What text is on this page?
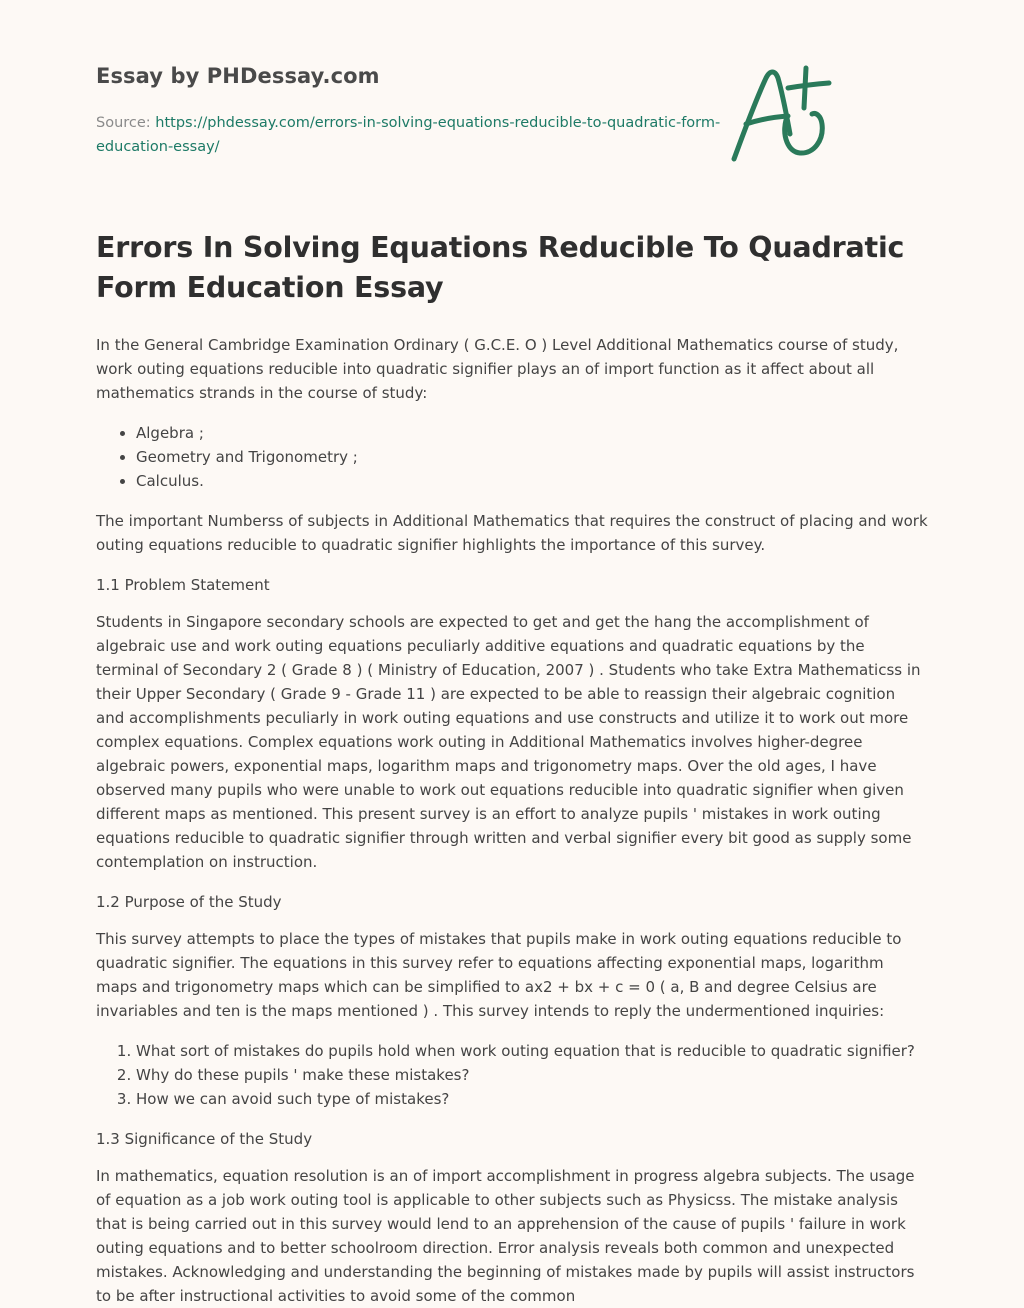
Essay by PHDessay.com
Source: https://phdessay.com/errors-in-solving-equations-reducible-to-quadratic-form-education-essay/
Errors In Solving Equations Reducible To Quadratic Form Education Essay

In the General Cambridge Examination Ordinary ( G.C.E. O ) Level Additional Mathematics course of study, work outing equations reducible into quadratic signifier plays an of import function as it affect about all mathematics strands in the course of study:

• Algebra ;
• Geometry and Trigonometry ;
• Calculus.

The important Numberss of subjects in Additional Mathematics that requires the construct of placing and work outing equations reducible to quadratic signifier highlights the importance of this survey.

1.1 Problem Statement

Students in Singapore secondary schools are expected to get and get the hang the accomplishment of algebraic use and work outing equations peculiarly additive equations and quadratic equations by the terminal of Secondary 2 ( Grade 8 ) ( Ministry of Education, 2007 ) . Students who take Extra Mathematicss in their Upper Secondary ( Grade 9 - Grade 11 ) are expected to be able to reassign their algebraic cognition and accomplishments peculiarly in work outing equations and use constructs and utilize it to work out more complex equations. Complex equations work outing in Additional Mathematics involves higher-degree algebraic powers, exponential maps, logarithm maps and trigonometry maps. Over the old ages, I have observed many pupils who were unable to work out equations reducible into quadratic signifier when given different maps as mentioned. This present survey is an effort to analyze pupils ' mistakes in work outing equations reducible to quadratic signifier through written and verbal signifier every bit good as supply some contemplation on instruction.

1.2 Purpose of the Study

This survey attempts to place the types of mistakes that pupils make in work outing equations reducible to quadratic signifier. The equations in this survey refer to equations affecting exponential maps, logarithm maps and trigonometry maps which can be simplified to ax2 + bx + c = 0 ( a, B and degree Celsius are invariables and ten is the maps mentioned ) . This survey intends to reply the undermentioned inquiries:

1. What sort of mistakes do pupils hold when work outing equation that is reducible to quadratic signifier?
2. Why do these pupils ' make these mistakes?
3. How we can avoid such type of mistakes?
1.3 Significance of the Study

In mathematics, equation resolution is an of import accomplishment in progress algebra subjects. The usage of equation as a job work outing tool is applicable to other subjects such as Physicss. The mistake analysis that is being carried out in this survey would lend to an apprehension of the cause of pupils ' failure in work outing equations and to better schoolroom direction. Error analysis reveals both common and unexpected mistakes. Acknowledging and understanding the beginning of mistakes made by pupils will assist instructors to be after instructional activities to avoid some of the common
